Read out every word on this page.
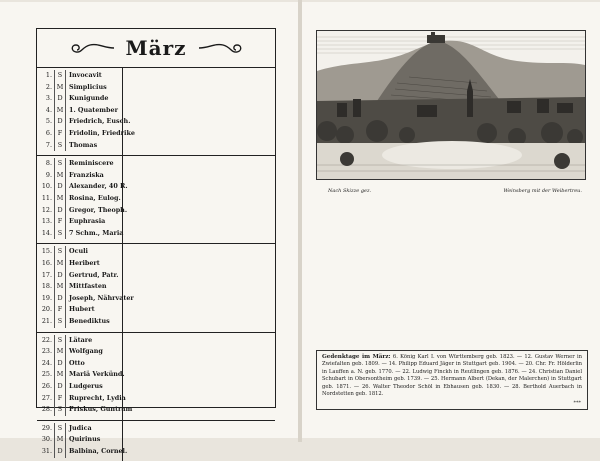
März
1. S	Invocavit
2. M Simplicius
3. D	Kunigunde
4. M 1. Quatember
5. D	Friedrich, Eusch.
6. F	Fridolin, Friedrike
7. S	Thomas
8. S	Reminiscere
9. M Franziska
10. D	Alexander, 40 R.
11. M Rosina, Eulog.
12. D	Gregor, Theoph.
13. F	Euphrasia
14. S	7 Schm., Maria
15. S	Oculi
16. M Heribert
17. D	Gertrud, Patr.
18. M Mittfasten
19. D	Joseph, Nährvater
20. F	Hubert
21. S	Benediktus
22. S	Lätare
23. M Wolfgang
24. D	Otto
25. M Mariä Verkünd.
26. D	Ludgerus
27. F	Ruprecht, Lydia
28. S	Priskus, Guntram
29. S	Judica
30. M Quirinus
31. D	Balbina, Cornel.
Nach Skizze gez.	Weinsberg mit der Weibertreu.
Gedenktage im März: 6. König Karl I. von Württemberg geb. 1823. — 12. Gustav Werner in Zwiefalten geb. 1809. — 14. Philipp Eduard Jäger in Stuttgart geb. 1904. — 20. Chr. Fr. Hölderlin in Lauffen a. N. geb. 1770. — 22. Ludwig Finckh in Reutlingen geb. 1876. — 24. Christian Daniel Schubart in Obersontheim geb. 1739. — 25. Hermann Albert (Dekan, der Malerchen) in Stuttgart geb. 1871. — 26. Walter Theodor Schöl in Ebhausen geb. 1830. — 28. Berthold Auerbach in Nordstetten geb. 1812.
***
